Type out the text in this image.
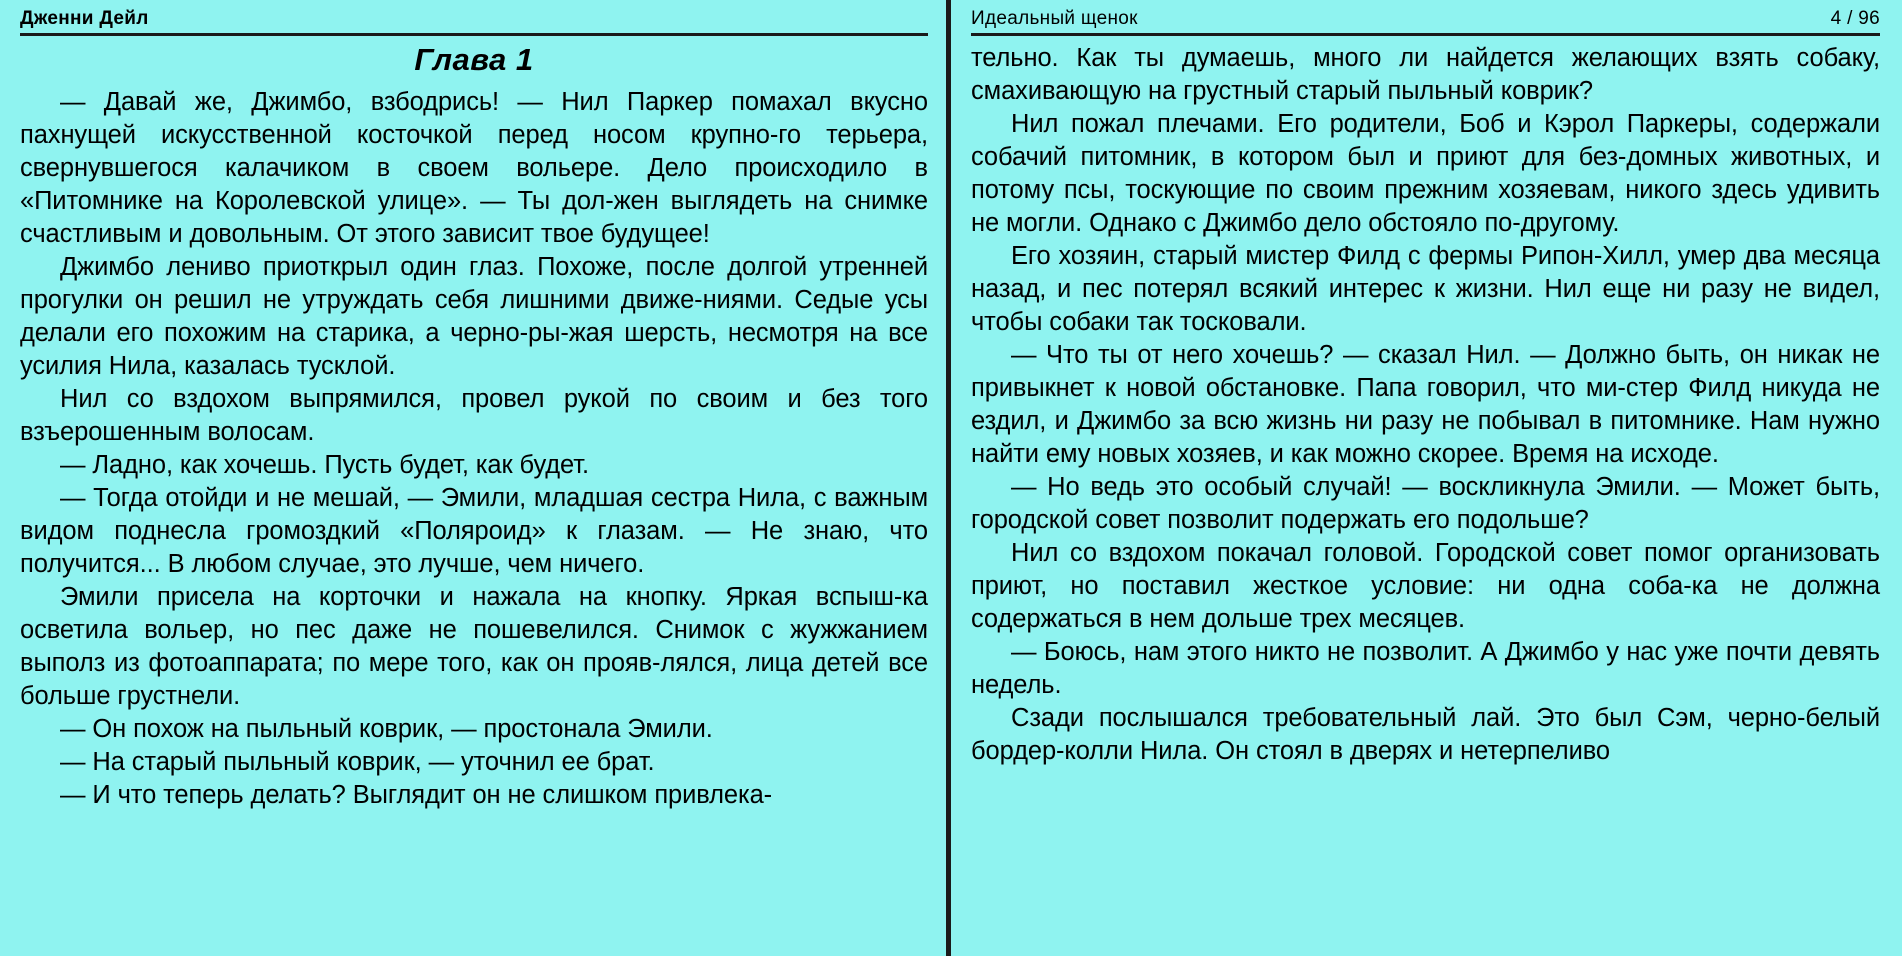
Дженни Дейл
Глава 1

— Давай же, Джимбо, взбодрись! — Нил Паркер помахал вкусно пахнущей искусственной косточкой перед носом крупно-го терьера, свернувшегося калачиком в своем вольере. Дело происходило в «Питомнике на Королевской улице». — Ты дол-жен выглядеть на снимке счастливым и довольным. От этого зависит твое будущее!

Джимбо лениво приоткрыл один глаз. Похоже, после долгой утренней прогулки он решил не утруждать себя лишними движе-ниями. Седые усы делали его похожим на старика, а черно-ры-жая шерсть, несмотря на все усилия Нила, казалась тусклой.

Нил со вздохом выпрямился, провел рукой по своим и без того взъерошенным волосам.

— Ладно, как хочешь. Пусть будет, как будет.

— Тогда отойди и не мешай, — Эмили, младшая сестра Нила, с важным видом поднесла громоздкий «Поляроид» к глазам. — Не знаю, что получится... В любом случае, это лучше, чем ничего.

Эмили присела на корточки и нажала на кнопку. Яркая вспыш-ка осветила вольер, но пес даже не пошевелился. Снимок с жужжанием выполз из фотоаппарата; по мере того, как он прояв-лялся, лица детей все больше грустнели.

— Он похож на пыльный коврик, — простонала Эмили.

— На старый пыльный коврик, — уточнил ее брат.

— И что теперь делать? Выглядит он не слишком привлека-

Идеальный щенок	4 / 96

тельно. Как ты думаешь, много ли найдется желающих взять собаку, смахивающую на грустный старый пыльный коврик?

Нил пожал плечами. Его родители, Боб и Кэрол Паркеры, содержали собачий питомник, в котором был и приют для без-домных животных, и потому псы, тоскующие по своим прежним хозяевам, никого здесь удивить не могли. Однако с Джимбо дело обстояло по-другому.

Его хозяин, старый мистер Филд с фермы Рипон-Хилл, умер два месяца назад, и пес потерял всякий интерес к жизни. Нил еще ни разу не видел, чтобы собаки так тосковали.

— Что ты от него хочешь? — сказал Нил. — Должно быть, он никак не привыкнет к новой обстановке. Папа говорил, что ми-стер Филд никуда не ездил, и Джимбо за всю жизнь ни разу не побывал в питомнике. Нам нужно найти ему новых хозяев, и как можно скорее. Время на исходе.

— Но ведь это особый случай! — воскликнула Эмили. — Может быть, городской совет позволит подержать его подольше?

Нил со вздохом покачал головой. Городской совет помог организовать приют, но поставил жесткое условие: ни одна соба-ка не должна содержаться в нем дольше трех месяцев.

— Боюсь, нам этого никто не позволит. А Джимбо у нас уже почти девять недель.

Сзади послышался требовательный лай. Это был Сэм, черно-белый бордер-колли Нила. Он стоял в дверях и нетерпеливо
